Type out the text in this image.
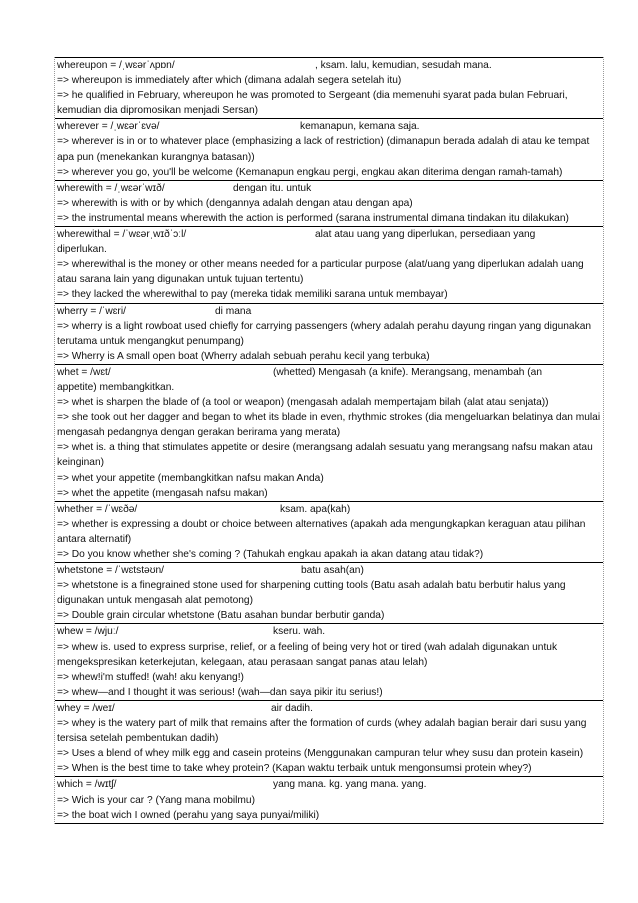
whereupon = /ˌwɛərˈʌpɒn/	, ksam. lalu, kemudian, sesudah mana.
=> whereupon is immediately after which (dimana adalah segera setelah itu)
=> he qualified in February, whereupon he was promoted to Sergeant (dia memenuhi syarat pada bulan Februari, kemudian dia dipromosikan menjadi Sersan)
wherever = /ˌwɛərˈɛvə/	kemanapun, kemana saja.
=> wherever is in or to whatever place (emphasizing a lack of restriction) (dimanapun berada adalah di atau ke tempat apa pun (menekankan kurangnya batasan))
=> wherever you go, you'll be welcome (Kemanapun engkau pergi, engkau akan diterima dengan ramah-tamah)
wherewith = /ˌwɛərˈwɪð/	dengan itu. untuk
=> wherewith is with or by which (dengannya adalah dengan atau dengan apa)
=> the instrumental means wherewith the action is performed (sarana instrumental dimana tindakan itu dilakukan)
wherewithal = /ˈwɛərˌwɪðˈɔːl/	alat atau uang yang diperlukan, persediaan yang
diperlukan.
=> wherewithal is the money or other means needed for a particular purpose (alat/uang yang diperlukan adalah uang atau sarana lain yang digunakan untuk tujuan tertentu)
=> they lacked the wherewithal to pay (mereka tidak memiliki sarana untuk membayar)
wherry = /ˈwɛri/	di mana
=> wherry is a light rowboat used chiefly for carrying passengers (whery adalah perahu dayung ringan yang digunakan terutama untuk mengangkut penumpang)
=> Wherry is A small open boat (Wherry adalah sebuah perahu kecil yang terbuka)
whet = /wɛt/	(whetted) Mengasah (a knife). Merangsang, menambah (an
appetite) membangkitkan.
=> whet is sharpen the blade of (a tool or weapon) (mengasah adalah mempertajam bilah (alat atau senjata))
=> she took out her dagger and began to whet its blade in even, rhythmic strokes (dia mengeluarkan belatinya dan mulai mengasah pedangnya dengan gerakan berirama yang merata)
=> whet is. a thing that stimulates appetite or desire (merangsang adalah sesuatu yang merangsang nafsu makan atau keinginan)
=> whet your appetite (membangkitkan nafsu makan Anda)
=> whet the appetite (mengasah nafsu makan)
whether = /ˈwɛðə/	ksam. apa(kah)
=> whether is expressing a doubt or choice between alternatives (apakah ada mengungkapkan keraguan atau pilihan antara alternatif)
=> Do you know whether she's coming ? (Tahukah engkau apakah ia akan datang atau tidak?)
whetstone = /ˈwɛtstəʊn/	batu asah(an)
=> whetstone is a finegrained stone used for sharpening cutting tools (Batu asah adalah batu berbutir halus yang digunakan untuk mengasah alat pemotong)
=> Double grain circular whetstone (Batu asahan bundar berbutir ganda)
whew = /wjuː/	kseru. wah.
=> whew is. used to express surprise, relief, or a feeling of being very hot or tired (wah adalah digunakan untuk mengekspresikan keterkejutan, kelegaan, atau perasaan sangat panas atau lelah)
=> whew!i'm stuffed! (wah! aku kenyang!)
=> whew—and I thought it was serious! (wah—dan saya pikir itu serius!)
whey = /weɪ/	air dadih.
=> whey is the watery part of milk that remains after the formation of curds (whey adalah bagian berair dari susu yang tersisa setelah pembentukan dadih)
=> Uses a blend of whey milk egg and casein proteins (Menggunakan campuran telur whey susu dan protein kasein)
=> When is the best time to take whey protein? (Kapan waktu terbaik untuk mengonsumsi protein whey?)
which = /wɪtʃ/	yang mana. kg. yang mana. yang.
=> Wich is your car ? (Yang mana mobilmu)
=> the boat wich I owned (perahu yang saya punyai/miliki)
